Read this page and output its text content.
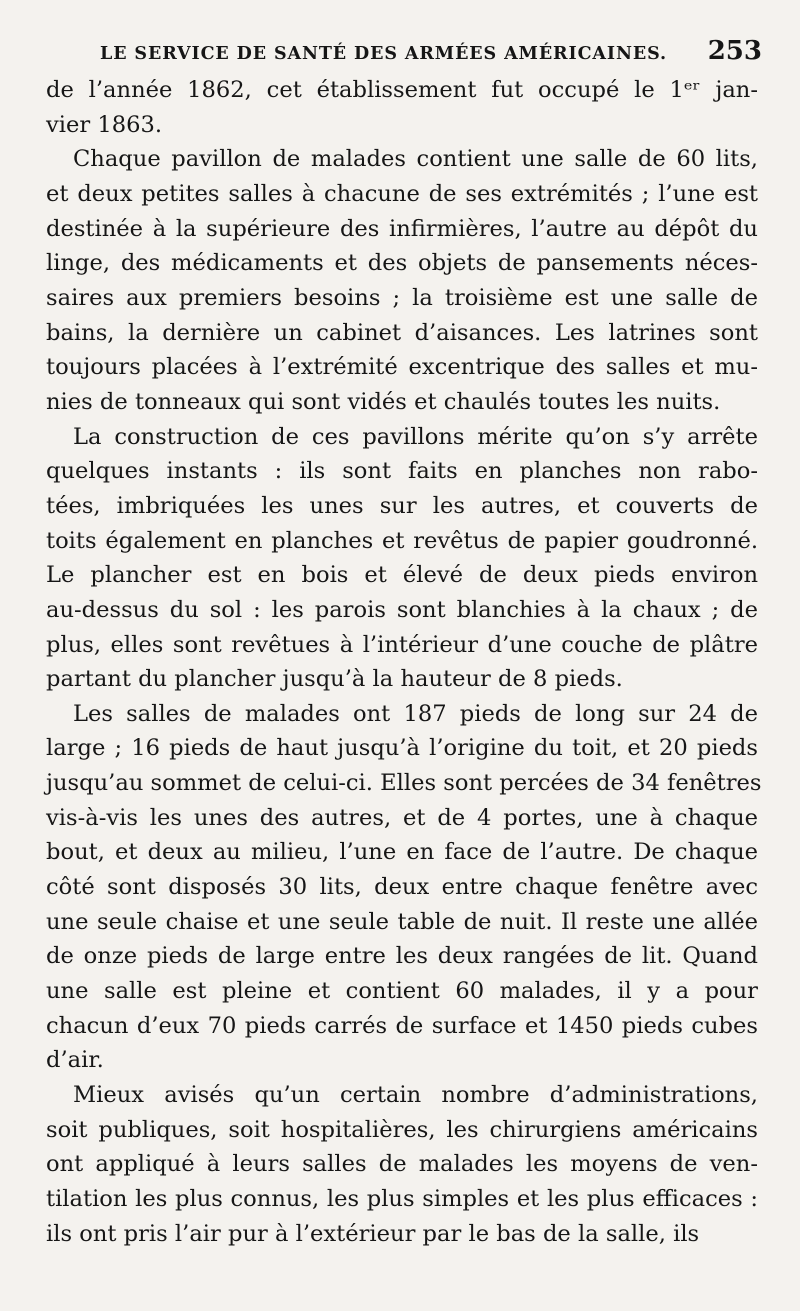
LE SERVICE DE SANTÉ DES ARMÉES AMÉRICAINES. 253
de l’année 1862, cet établissement fut occupé le 1ᵉʳ jan-
vier 1863.
Chaque pavillon de malades contient une salle de 60 lits,
et deux petites salles à chacune de ses extrémités ; l’une est
destinée à la supérieure des infirmières, l’autre au dépôt du
linge, des médicaments et des objets de pansements néces-
saires aux premiers besoins ; la troisième est une salle de
bains, la dernière un cabinet d’aisances. Les latrines sont
toujours placées à l’extrémité excentrique des salles et mu-
nies de tonneaux qui sont vidés et chaulés toutes les nuits.
La construction de ces pavillons mérite qu’on s’y arrête
quelques instants : ils sont faits en planches non rabo-
tées, imbriquées les unes sur les autres, et couverts de
toits également en planches et revêtus de papier goudronné.
Le plancher est en bois et élevé de deux pieds environ
au-dessus du sol : les parois sont blanchies à la chaux ; de
plus, elles sont revêtues à l’intérieur d’une couche de plâtre
partant du plancher jusqu’à la hauteur de 8 pieds.
Les salles de malades ont 187 pieds de long sur 24 de
large ; 16 pieds de haut jusqu’à l’origine du toit, et 20 pieds
jusqu’au sommet de celui-ci. Elles sont percées de 34 fenêtres
vis-à-vis les unes des autres, et de 4 portes, une à chaque
bout, et deux au milieu, l’une en face de l’autre. De chaque
côté sont disposés 30 lits, deux entre chaque fenêtre avec
une seule chaise et une seule table de nuit. Il reste une allée
de onze pieds de large entre les deux rangées de lit. Quand
une salle est pleine et contient 60 malades, il y a pour
chacun d’eux 70 pieds carrés de surface et 1450 pieds cubes
d’air.
Mieux avisés qu’un certain nombre d’administrations,
soit publiques, soit hospitalières, les chirurgiens américains
ont appliqué à leurs salles de malades les moyens de ven-
tilation les plus connus, les plus simples et les plus efficaces :
ils ont pris l’air pur à l’extérieur par le bas de la salle, ils
